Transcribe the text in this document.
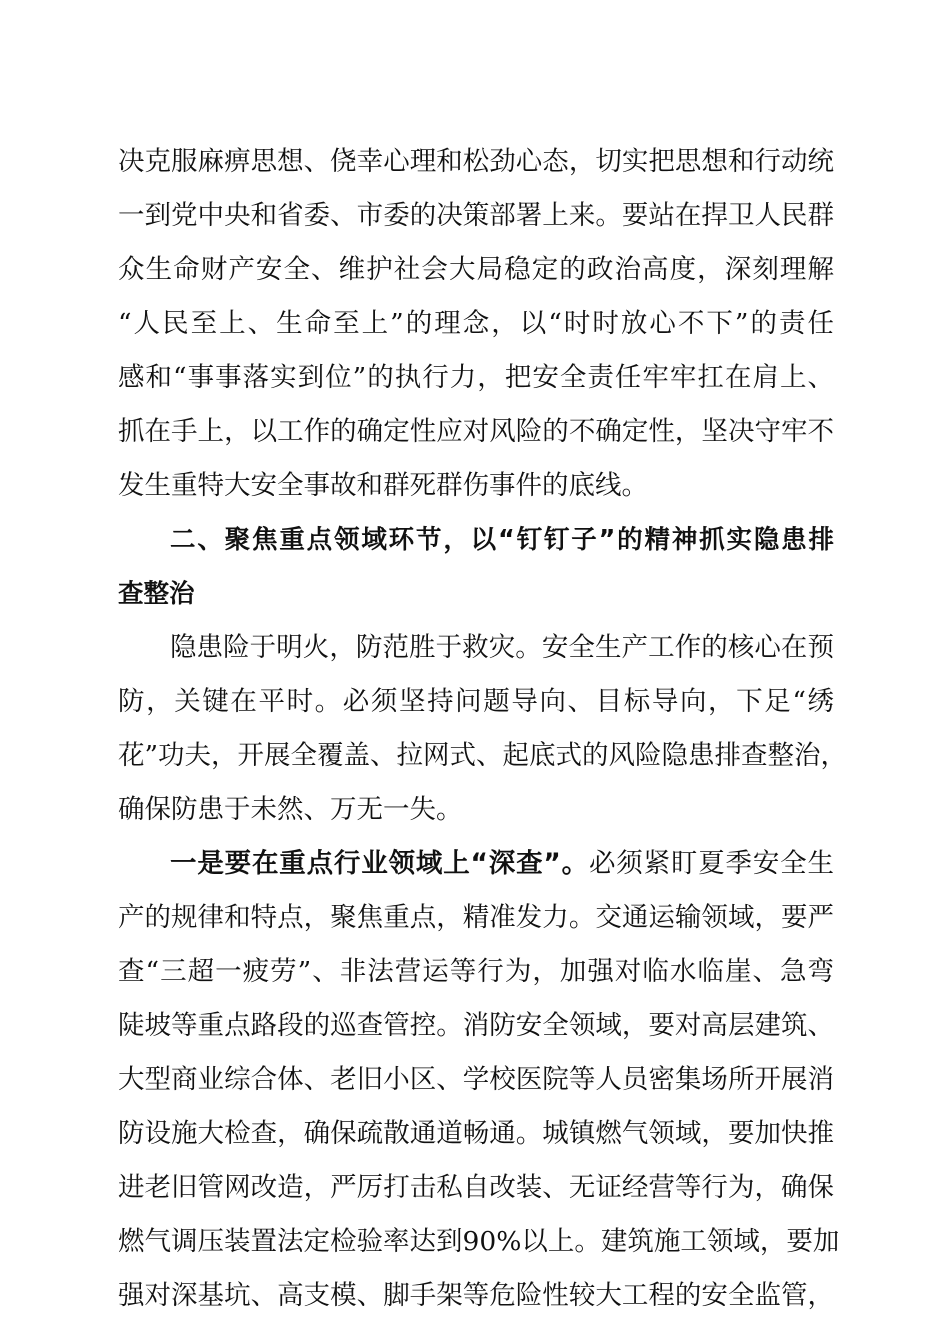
决克服麻痹思想、侥幸心理和松劲心态，切实把思想和行动统
一到党中央和省委、市委的决策部署上来。要站在捍卫人民群
众生命财产安全、维护社会大局稳定的政治高度，深刻理解
“人民至上、生命至上”的理念，以“时时放心不下”的责任
感和“事事落实到位”的执行力，把安全责任牢牢扛在肩上、
抓在手上，以工作的确定性应对风险的不确定性，坚决守牢不
发生重特大安全事故和群死群伤事件的底线。
二、聚焦重点领域环节，以“钉钉子”的精神抓实隐患排
查整治
隐患险于明火，防范胜于救灾。安全生产工作的核心在预
防，关键在平时。必须坚持问题导向、目标导向，下足“绣
花”功夫，开展全覆盖、拉网式、起底式的风险隐患排查整治，
确保防患于未然、万无一失。
一是要在重点行业领域上“深查”。必须紧盯夏季安全生
产的规律和特点，聚焦重点，精准发力。交通运输领域，要严
查“三超一疲劳”、非法营运等行为，加强对临水临崖、急弯
陡坡等重点路段的巡查管控。消防安全领域，要对高层建筑、
大型商业综合体、老旧小区、学校医院等人员密集场所开展消
防设施大检查，确保疏散通道畅通。城镇燃气领域，要加快推
进老旧管网改造，严厉打击私自改装、无证经营等行为，确保
燃气调压装置法定检验率达到90%以上。建筑施工领域，要加
强对深基坑、高支模、脚手架等危险性较大工程的安全监管，
